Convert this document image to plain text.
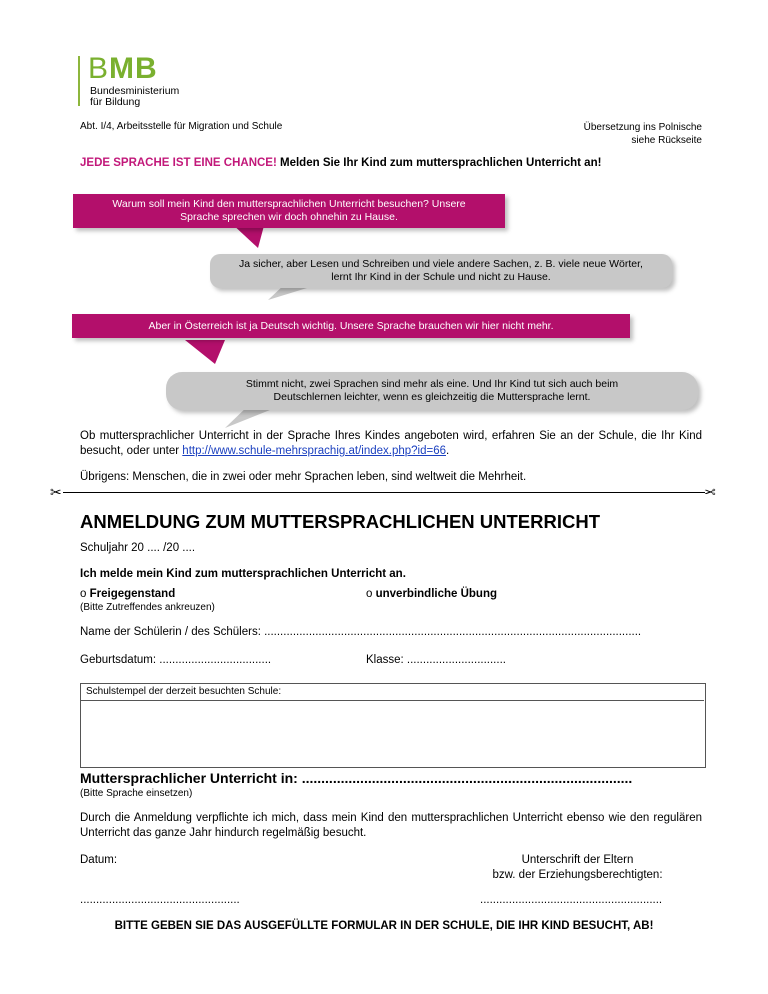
BMB
Bundesministerium
für Bildung
Abt. I/4, Arbeitsstelle für Migration und Schule	Übersetzung ins Polnische
siehe Rückseite
JEDE SPRACHE IST EINE CHANCE! Melden Sie Ihr Kind zum muttersprachlichen Unterricht an!
Warum soll mein Kind den muttersprachlichen Unterricht besuchen? Unsere Sprache sprechen wir doch ohnehin zu Hause.
Ja sicher, aber Lesen und Schreiben und viele andere Sachen, z. B. viele neue Wörter, lernt Ihr Kind in der Schule und nicht zu Hause.
Aber in Österreich ist ja Deutsch wichtig. Unsere Sprache brauchen wir hier nicht mehr.
Stimmt nicht, zwei Sprachen sind mehr als eine. Und Ihr Kind tut sich auch beim Deutschlernen leichter, wenn es gleichzeitig die Muttersprache lernt.
Ob muttersprachlicher Unterricht in der Sprache Ihres Kindes angeboten wird, erfahren Sie an der Schule, die Ihr Kind besucht, oder unter http://www.schule-mehrsprachig.at/index.php?id=66.
Übrigens: Menschen, die in zwei oder mehr Sprachen leben, sind weltweit die Mehrheit.
✂	✂
ANMELDUNG ZUM MUTTERSPRACHLICHEN UNTERRICHT
Schuljahr 20 .... /20 ....
Ich melde mein Kind zum muttersprachlichen Unterricht an.
o Freigegenstand	o unverbindliche Übung
(Bitte Zutreffendes ankreuzen)
Name der Schülerin / des Schülers: ......................................................................................................................
Geburtsdatum: ...................................	Klasse: ...............................
Schulstempel der derzeit besuchten Schule:
Muttersprachlicher Unterricht in: .....................................................................................
(Bitte Sprache einsetzen)
Durch die Anmeldung verpflichte ich mich, dass mein Kind den muttersprachlichen Unterricht ebenso wie den regulären Unterricht das ganze Jahr hindurch regelmäßig besucht.
Datum:	Unterschrift der Eltern
bzw. der Erziehungsberechtigten:
..................................................	.........................................................
BITTE GEBEN SIE DAS AUSGEFÜLLTE FORMULAR IN DER SCHULE, DIE IHR KIND BESUCHT, AB!
